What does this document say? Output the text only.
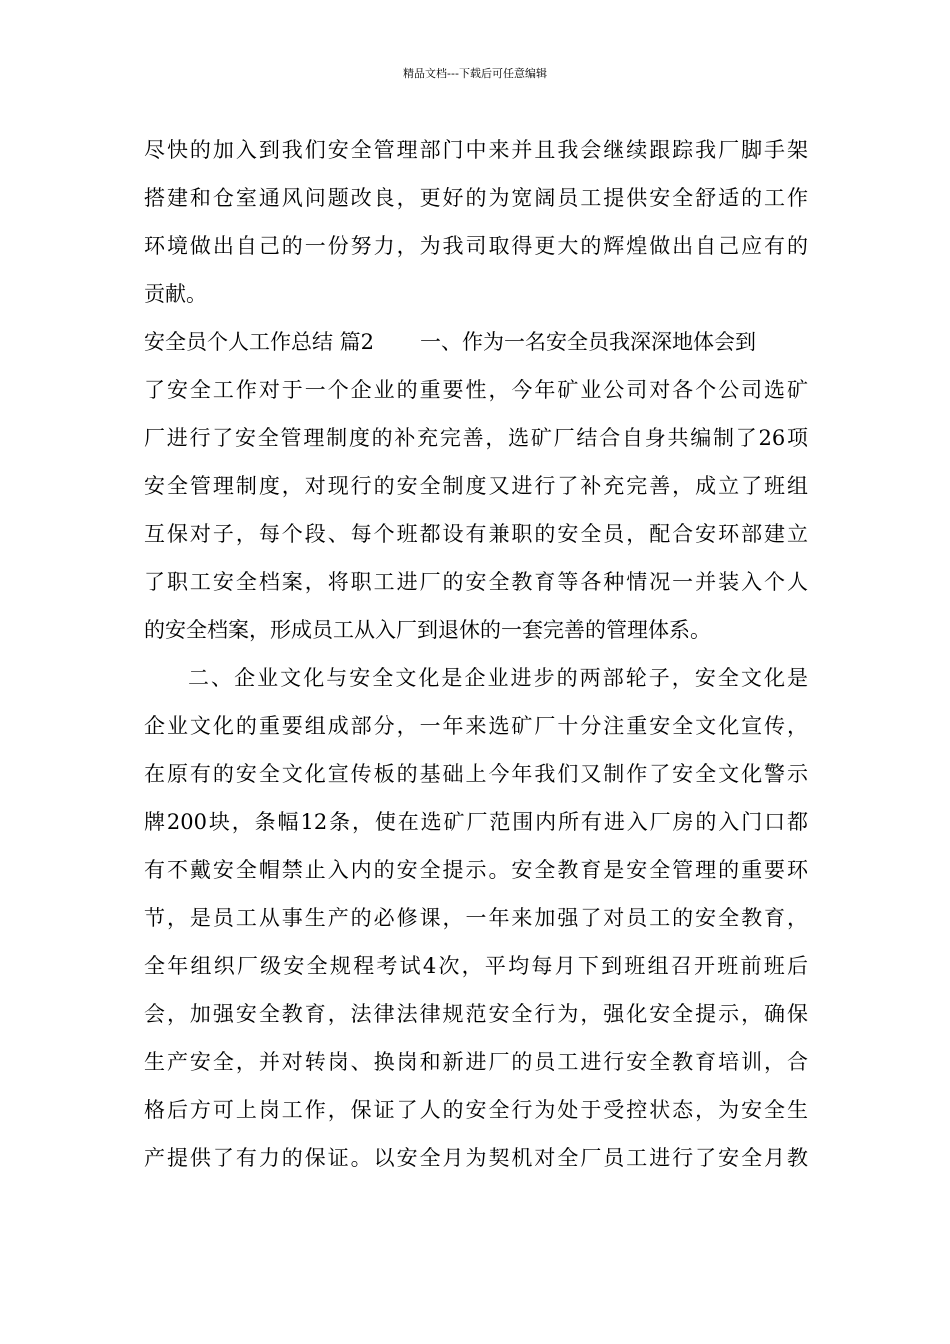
精品文档---下载后可任意编辑
尽快的加入到我们安全管理部门中来并且我会继续跟踪我厂脚手架
搭建和仓室通风问题改良，更好的为宽阔员工提供安全舒适的工作
环境做出自己的一份努力，为我司取得更大的辉煌做出自己应有的
贡献。
安全员个人工作总结 篇2 一、作为一名安全员我深深地体会到
了安全工作对于一个企业的重要性，今年矿业公司对各个公司选矿
厂进行了安全管理制度的补充完善，选矿厂结合自身共编制了26项
安全管理制度，对现行的安全制度又进行了补充完善，成立了班组
互保对子，每个段、每个班都设有兼职的安全员，配合安环部建立
了职工安全档案，将职工进厂的安全教育等各种情况一并装入个人
的安全档案，形成员工从入厂到退休的一套完善的管理体系。
二、企业文化与安全文化是企业进步的两部轮子，安全文化是
企业文化的重要组成部分，一年来选矿厂十分注重安全文化宣传，
在原有的安全文化宣传板的基础上今年我们又制作了安全文化警示
牌200块，条幅12条，使在选矿厂范围内所有进入厂房的入门口都
有不戴安全帽禁止入内的安全提示。安全教育是安全管理的重要环
节，是员工从事生产的必修课，一年来加强了对员工的安全教育，
全年组织厂级安全规程考试4次，平均每月下到班组召开班前班后
会，加强安全教育，法律法律规范安全行为，强化安全提示，确保
生产安全，并对转岗、换岗和新进厂的员工进行安全教育培训，合
格后方可上岗工作，保证了人的安全行为处于受控状态，为安全生
产提供了有力的保证。以安全月为契机对全厂员工进行了安全月教
